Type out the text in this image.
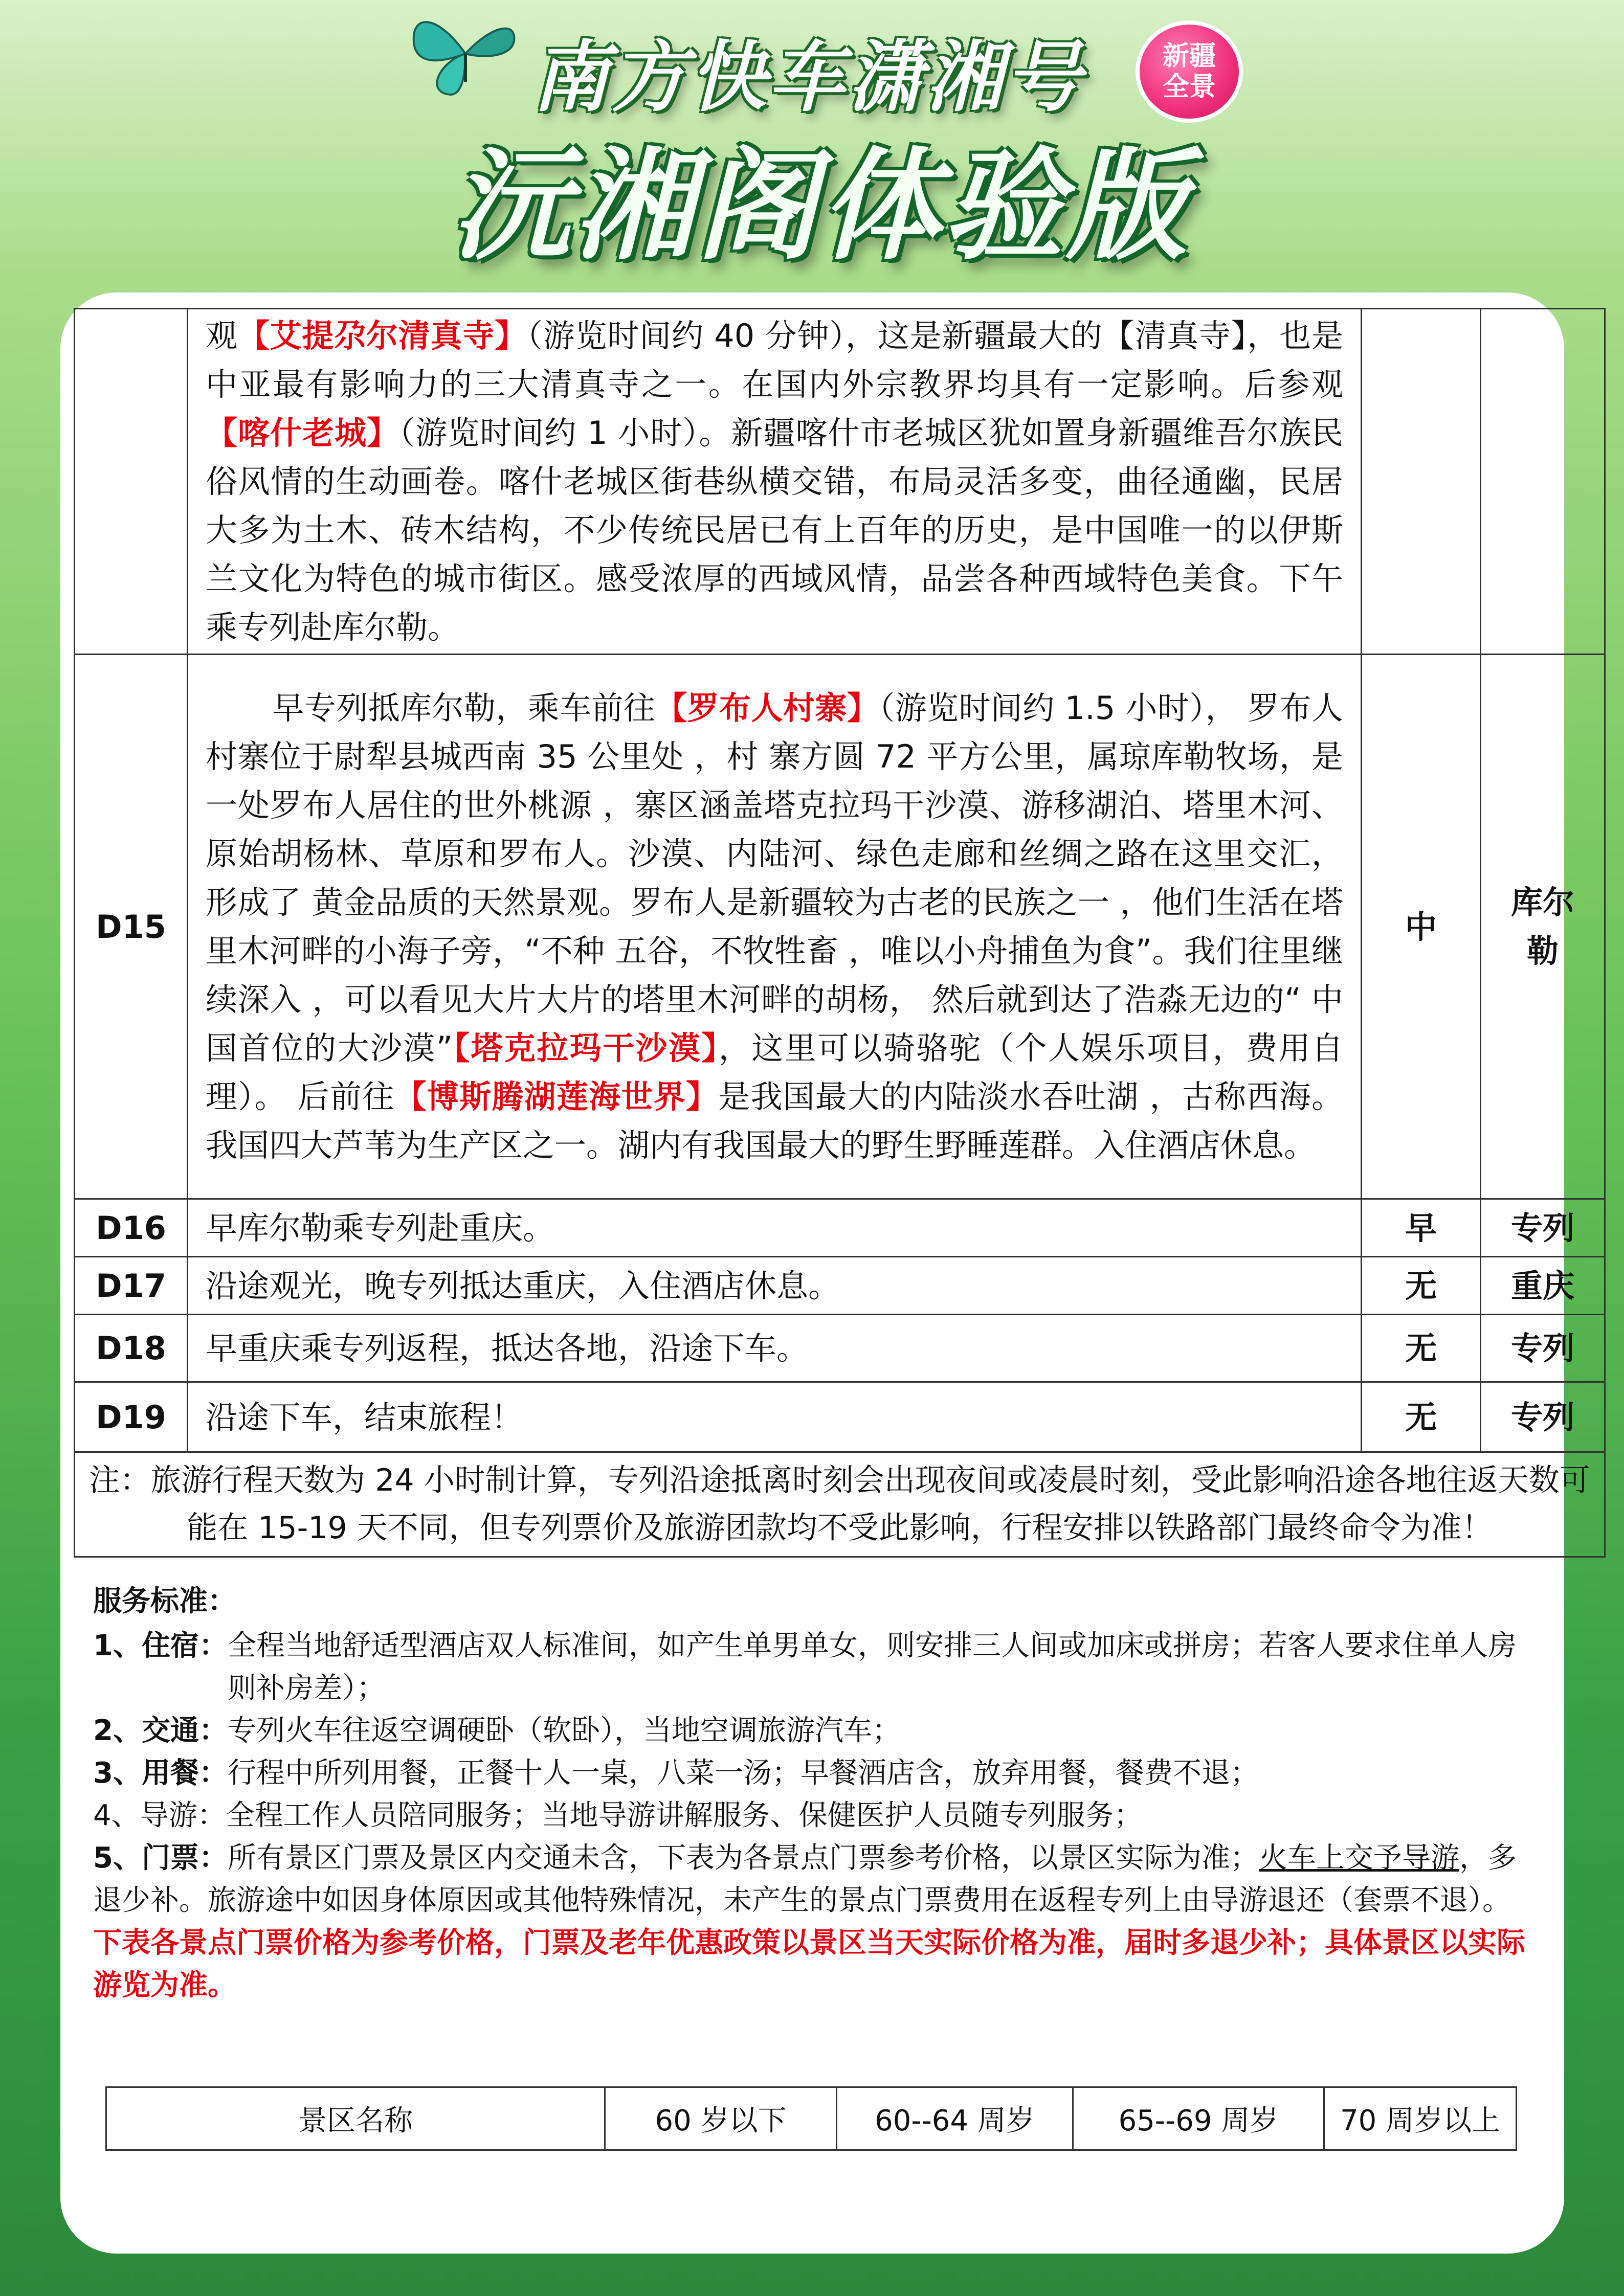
南方快车潇湘号
沅湘阁体验版
新疆
全景
	观【艾提尕尔清真寺】（游览时间约 40 分钟），这是新疆最大的【清真寺】，也是中亚最有影响力的三大清真寺之一。在国内外宗教界均具有一定影响。后参观【喀什老城】（游览时间约 1 小时）。新疆喀什市老城区犹如置身新疆维吾尔族民俗风情的生动画卷。喀什老城区街巷纵横交错，布局灵活多变，曲径通幽，民居大多为土木、砖木结构，不少传统民居已有上百年的历史，是中国唯一的以伊斯兰文化为特色的城市街区。感受浓厚的西域风情，品尝各种西域特色美食。下午乘专列赴库尔勒。		
D15	早专列抵库尔勒，乘车前往【罗布人村寨】（游览时间约 1.5 小时）， 罗布人村寨位于尉犁县城西南 35 公里处 ，村 寨方圆 72 平方公里，属琼库勒牧场，是一处罗布人居住的世外桃源 ，寨区涵盖塔克拉玛干沙漠、游移湖泊、塔里木河、原始胡杨林、草原和罗布人。沙漠、内陆河、绿色走廊和丝绸之路在这里交汇，形成了 黄金品质的天然景观。罗布人是新疆较为古老的民族之一 ，他们生活在塔里木河畔的小海子旁，“不种 五谷，不牧牲畜 ，唯以小舟捕鱼为食”。我们往里继续深入 ，可以看见大片大片的塔里木河畔的胡杨， 然后就到达了浩淼无边的“ 中国首位的大沙漠”【塔克拉玛干沙漠】，这里可以骑骆驼（个人娱乐项目，费用自理）。 后前往【博斯腾湖莲海世界】是我国最大的内陆淡水吞吐湖 ，古称西海。我国四大芦苇为生产区之一。湖内有我国最大的野生野睡莲群。入住酒店休息。	中	库尔勒

D16	早库尔勒乘专列赴重庆。	早	专列
D17	沿途观光，晚专列抵达重庆，入住酒店休息。	无	重庆
D18	早重庆乘专列返程，抵达各地，沿途下车。	无	专列
D19	沿途下车，结束旅程！	无	专列
注：旅游行程天数为 24 小时制计算，专列沿途抵离时刻会出现夜间或凌晨时刻，受此影响沿途各地往返天数可能在 15-19 天不同，但专列票价及旅游团款均不受此影响，行程安排以铁路部门最终命令为准！			
服务标准：
1、住宿： 全程当地舒适型酒店双人标准间，如产生单男单女，则安排三人间或加床或拼房；若客人要求住单人房则补房差）；
2、交通： 专列火车往返空调硬卧（软卧），当地空调旅游汽车；
3、用餐： 行程中所列用餐，正餐十人一桌，八菜一汤；早餐酒店含，放弃用餐，餐费不退；
4、导游： 全程工作人员陪同服务；当地导游讲解服务、保健医护人员随专列服务；
5、门票：所有景区门票及景区内交通未含，下表为各景点门票参考价格，以景区实际为准；火车上交予导游，多退少补。旅游途中如因身体原因或其他特殊情况，未产生的景点门票费用在返程专列上由导游退还（套票不退）。
下表各景点门票价格为参考价格，门票及老年优惠政策以景区当天实际价格为准，届时多退少补；具体景区以实际游览为准。
景区名称	60 岁以下	60--64 周岁	65--69 周岁	70 周岁以上
